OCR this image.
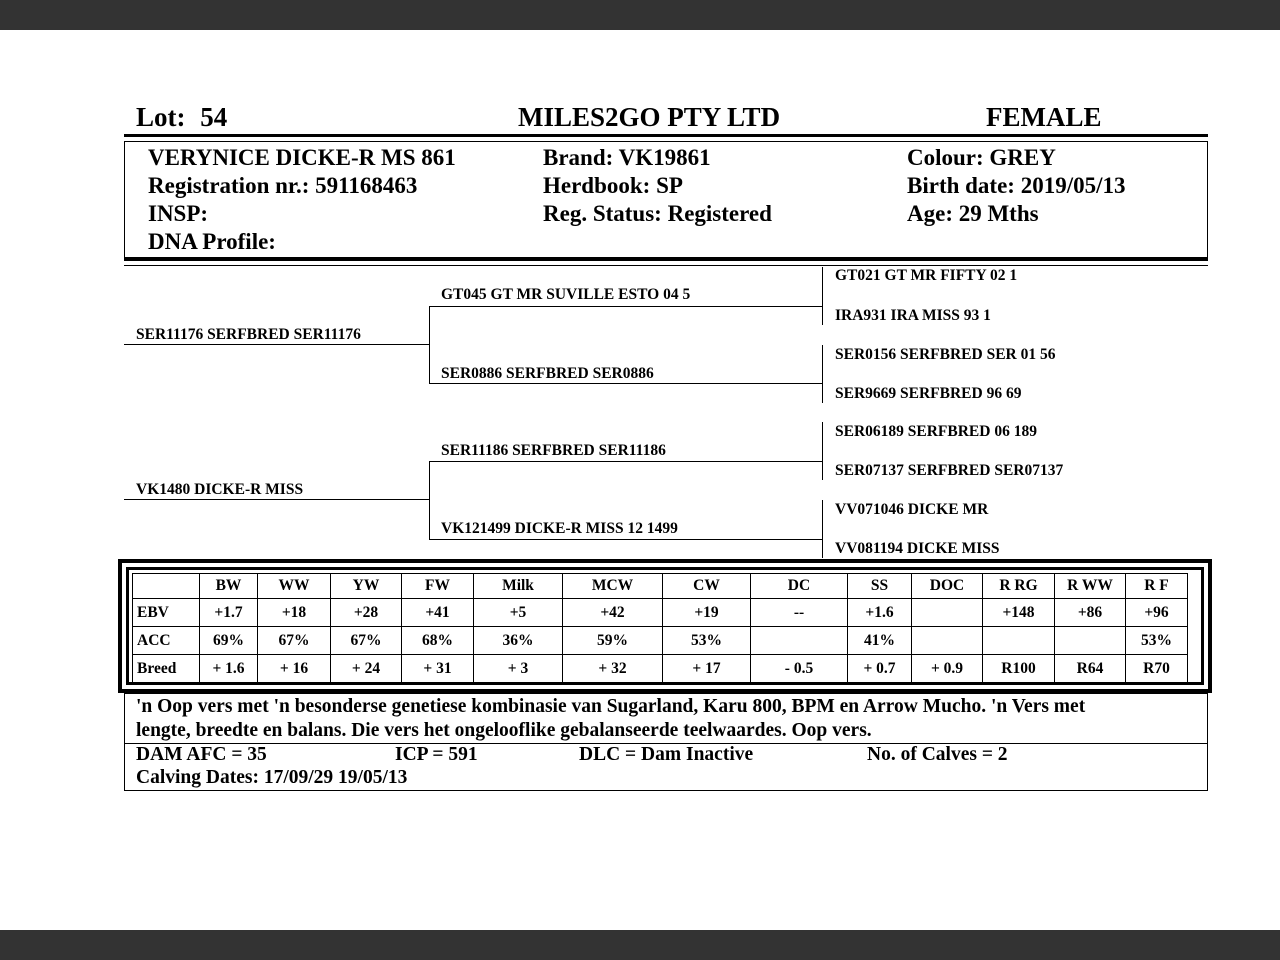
Lot: 54	MILES2GO PTY LTD	FEMALE
VERYNICE DICKE-R MS 861
Registration nr.: 591168463
INSP:
DNA Profile:
Brand: VK19861
Herdbook: SP
Reg. Status: Registered
Colour: GREY
Birth date: 2019/05/13
Age: 29 Mths
SER11176 SERFBRED SER11176
VK1480 DICKE-R MISS
GT045 GT MR SUVILLE ESTO 04 5
SER0886 SERFBRED SER0886
SER11186 SERFBRED SER11186
VK121499 DICKE-R MISS 12 1499
GT021 GT MR FIFTY 02 1
IRA931 IRA MISS 93 1
SER0156 SERFBRED SER 01 56
SER9669 SERFBRED 96 69
SER06189 SERFBRED 06 189
SER07137 SERFBRED SER07137
VV071046 DICKE MR
VV081194 DICKE MISS
	BW	WW	YW	FW	Milk	MCW	CW	DC	SS	DOC	R RG	R WW	R F
EBV	+1.7	+18	+28	+41	+5	+42	+19	--	+1.6		+148	+86	+96
ACC	69%	67%	67%	68%	36%	59%	53%		41%				53%
Breed	+ 1.6	+ 16	+ 24	+ 31	+ 3	+ 32	+ 17	- 0.5	+ 0.7	+ 0.9	R100	R64	R70
'n Oop vers met 'n besonderse genetiese kombinasie van Sugarland, Karu 800, BPM en Arrow Mucho. 'n Vers met
lengte, breedte en balans. Die vers het ongelooflike gebalanseerde teelwaardes. Oop vers.
DAM AFC = 35	ICP = 591	DLC = Dam Inactive	No. of Calves = 2
Calving Dates: 17/09/29 19/05/13
